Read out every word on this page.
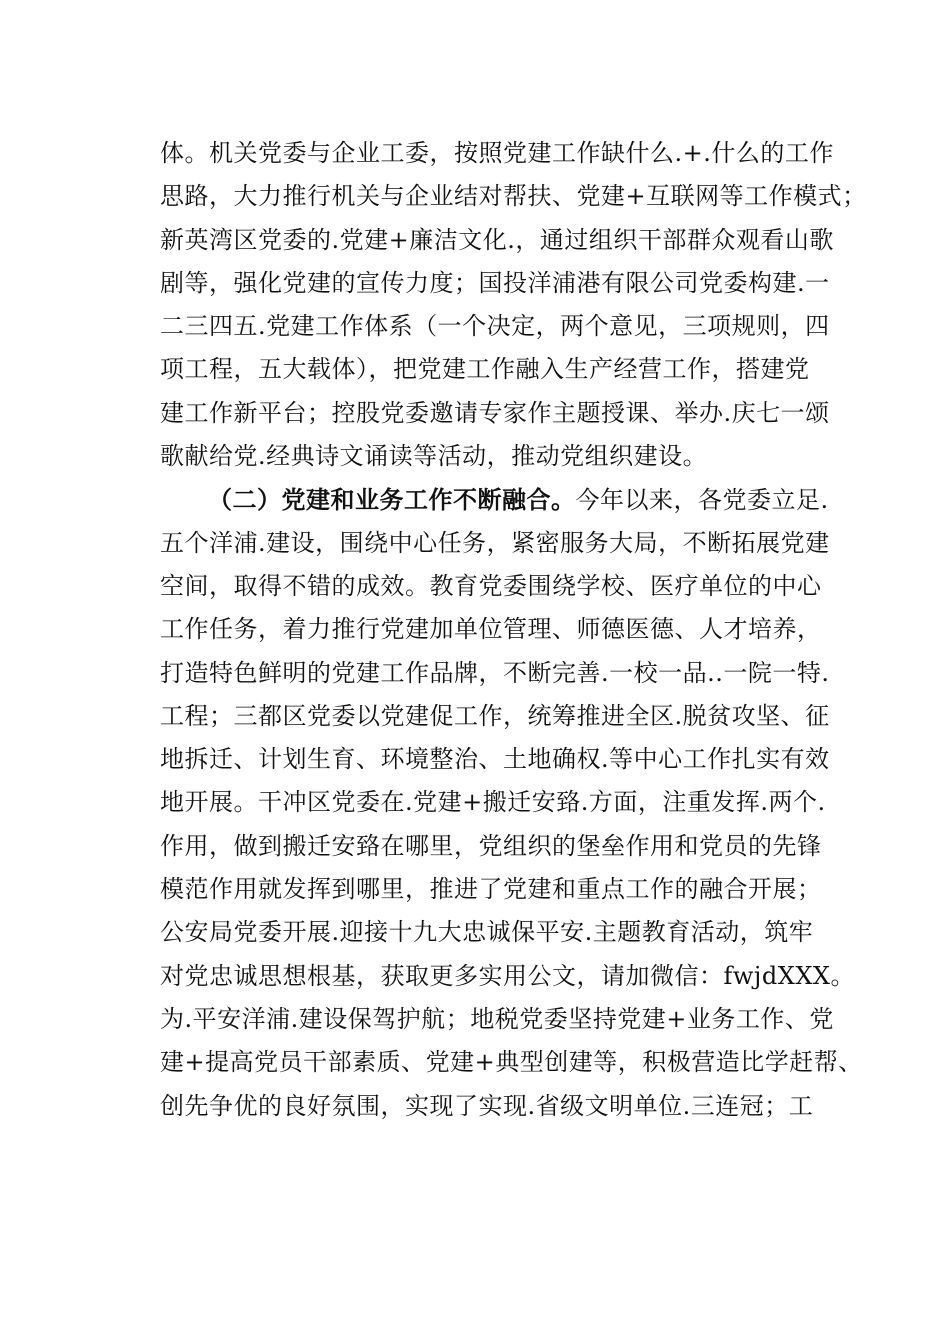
体。机关党委与企业工委，按照党建工作缺什么.+.什么的工作
思路，大力推行机关与企业结对帮扶、党建+互联网等工作模式；
新英湾区党委的.党建+廉洁文化.，通过组织干部群众观看山歌
剧等，强化党建的宣传力度；国投洋浦港有限公司党委构建.一
二三四五.党建工作体系（一个决定，两个意见，三项规则，四
项工程，五大载体），把党建工作融入生产经营工作，搭建党
建工作新平台；控股党委邀请专家作主题授课、举办.庆七一颂
歌献给党.经典诗文诵读等活动，推动党组织建设。
（二）党建和业务工作不断融合。今年以来，各党委立足.
五个洋浦.建设，围绕中心任务，紧密服务大局，不断拓展党建
空间，取得不错的成效。教育党委围绕学校、医疗单位的中心
工作任务，着力推行党建加单位管理、师德医德、人才培养，
打造特色鲜明的党建工作品牌，不断完善.一校一品..一院一特.
工程；三都区党委以党建促工作，统筹推进全区.脱贫攻坚、征
地拆迁、计划生育、环境整治、土地确权.等中心工作扎实有效
地开展。干冲区党委在.党建+搬迁安臵.方面，注重发挥.两个.
作用，做到搬迁安臵在哪里，党组织的堡垒作用和党员的先锋
模范作用就发挥到哪里，推进了党建和重点工作的融合开展；
公安局党委开展.迎接十九大忠诚保平安.主题教育活动，筑牢
对党忠诚思想根基，获取更多实用公文，请加微信：fwjdXXX。
为.平安洋浦.建设保驾护航；地税党委坚持党建+业务工作、党
建+提高党员干部素质、党建+典型创建等，积极营造比学赶帮、
创先争优的良好氛围，实现了实现.省级文明单位.三连冠；工
